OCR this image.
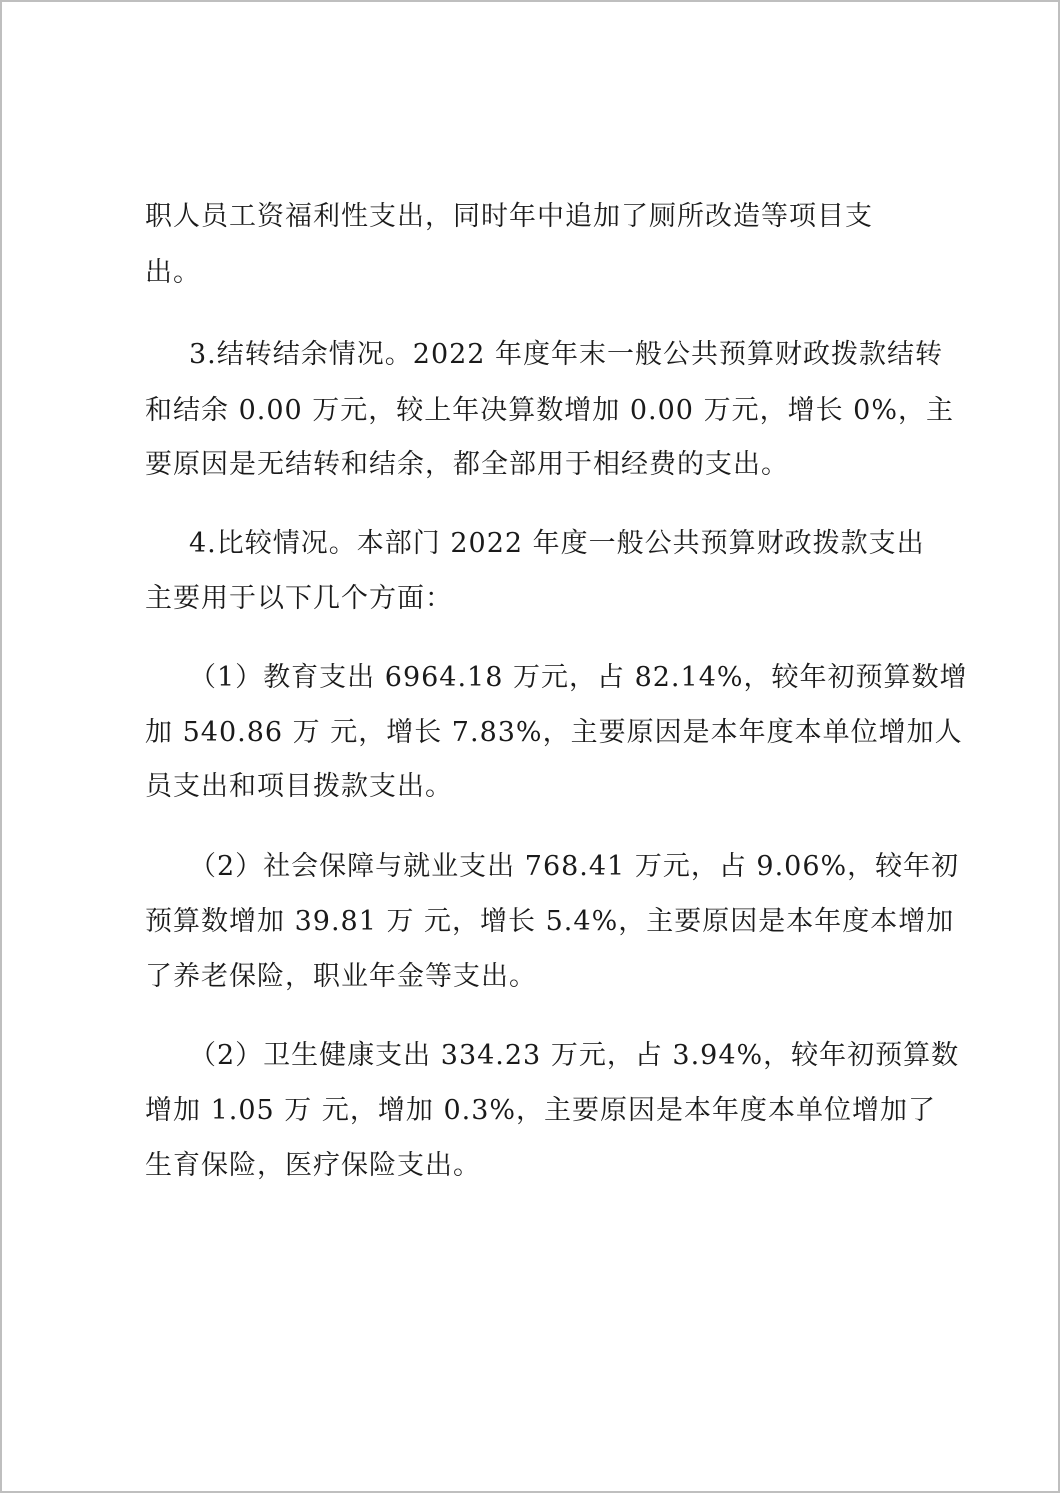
职人员工资福利性支出，同时年中追加了厕所改造等项目支
出。
3.结转结余情况。2022 年度年末一般公共预算财政拨款结转
和结余 0.00 万元，较上年决算数增加 0.00 万元，增长 0%，主
要原因是无结转和结余，都全部用于相经费的支出。
4.比较情况。本部门 2022 年度一般公共预算财政拨款支出
主要用于以下几个方面：
（1）教育支出 6964.18 万元，占 82.14%，较年初预算数增
加 540.86 万 元，增长 7.83%，主要原因是本年度本单位增加人
员支出和项目拨款支出。
（2）社会保障与就业支出 768.41 万元，占 9.06%，较年初
预算数增加 39.81 万 元，增长 5.4%，主要原因是本年度本增加
了养老保险，职业年金等支出。
（2）卫生健康支出 334.23 万元，占 3.94%，较年初预算数
增加 1.05 万 元，增加 0.3%，主要原因是本年度本单位增加了
生育保险，医疗保险支出。
